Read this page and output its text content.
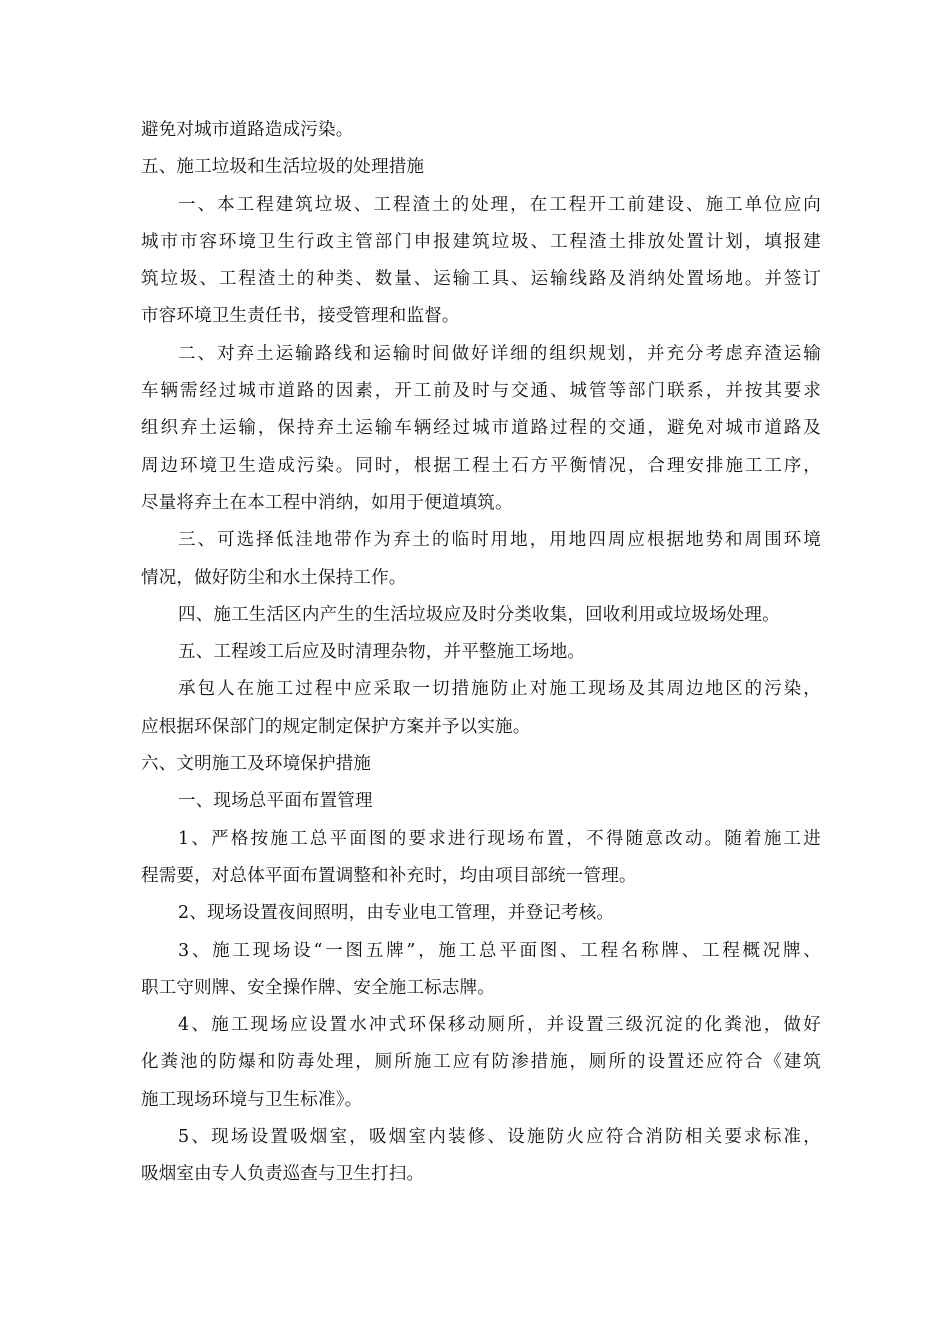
避免对城市道路造成污染。
五、施工垃圾和生活垃圾的处理措施
一、本工程建筑垃圾、工程渣土的处理，在工程开工前建设、施工单位应向
城市市容环境卫生行政主管部门申报建筑垃圾、工程渣土排放处置计划，填报建
筑垃圾、工程渣土的种类、数量、运输工具、运输线路及消纳处置场地。并签订
市容环境卫生责任书，接受管理和监督。
二、对弃土运输路线和运输时间做好详细的组织规划，并充分考虑弃渣运输
车辆需经过城市道路的因素，开工前及时与交通、城管等部门联系，并按其要求
组织弃土运输，保持弃土运输车辆经过城市道路过程的交通，避免对城市道路及
周边环境卫生造成污染。同时，根据工程土石方平衡情况，合理安排施工工序，
尽量将弃土在本工程中消纳，如用于便道填筑。
三、可选择低洼地带作为弃土的临时用地，用地四周应根据地势和周围环境
情况，做好防尘和水土保持工作。
四、施工生活区内产生的生活垃圾应及时分类收集，回收利用或垃圾场处理。
五、工程竣工后应及时清理杂物，并平整施工场地。
承包人在施工过程中应采取一切措施防止对施工现场及其周边地区的污染，
应根据环保部门的规定制定保护方案并予以实施。
六、文明施工及环境保护措施
一、现场总平面布置管理
1、严格按施工总平面图的要求进行现场布置，不得随意改动。随着施工进
程需要，对总体平面布置调整和补充时，均由项目部统一管理。
2、现场设置夜间照明，由专业电工管理，并登记考核。
3、施工现场设“一图五牌”，施工总平面图、工程名称牌、工程概况牌、
职工守则牌、安全操作牌、安全施工标志牌。
4、施工现场应设置水冲式环保移动厕所，并设置三级沉淀的化粪池，做好
化粪池的防爆和防毒处理，厕所施工应有防渗措施，厕所的设置还应符合《建筑
施工现场环境与卫生标准》。
5、现场设置吸烟室，吸烟室内装修、设施防火应符合消防相关要求标准，
吸烟室由专人负责巡查与卫生打扫。
